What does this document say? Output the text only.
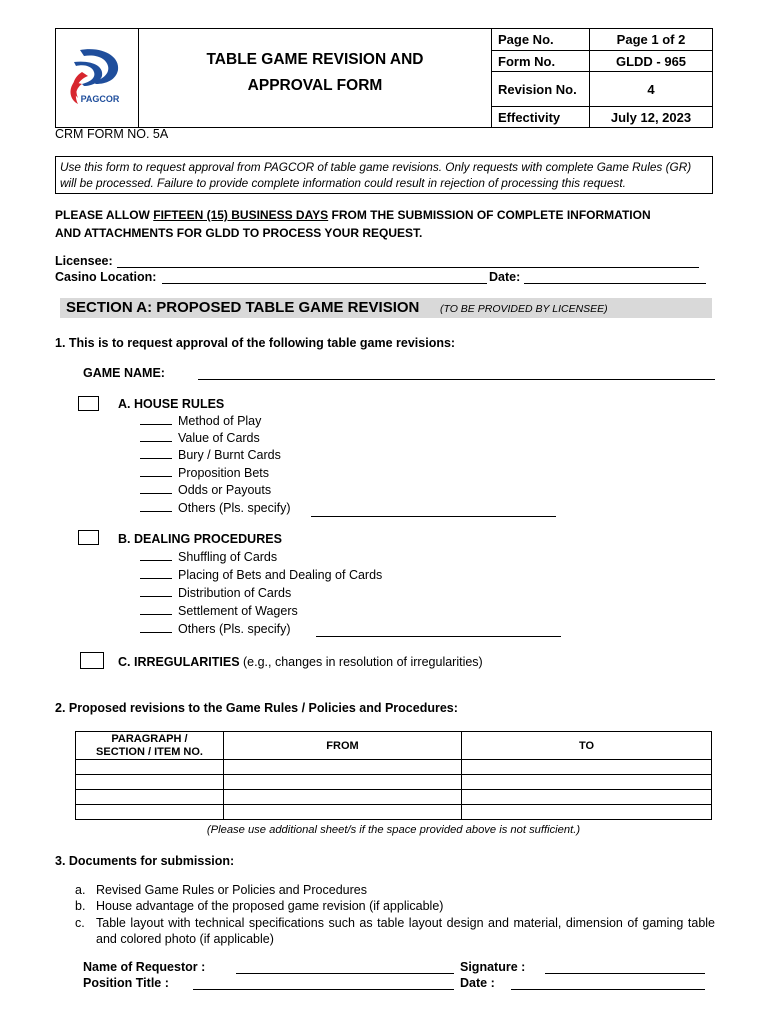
PAGCOR	TABLE GAME REVISION AND
APPROVAL FORM	Page No.	Page 1 of 2
		Form No.	GLDD - 965
		Revision No.	4
		Effectivity	July 12, 2023
CRM FORM NO. 5A
Use this form to request approval from PAGCOR of table game revisions. Only requests with complete Game Rules (GR) will be processed. Failure to provide complete information could result in rejection of processing this request.
PLEASE ALLOW FIFTEEN (15) BUSINESS DAYS FROM THE SUBMISSION OF COMPLETE INFORMATION
AND ATTACHMENTS FOR GLDD TO PROCESS YOUR REQUEST.
Licensee:
Casino Location:	Date:
SECTION A: PROPOSED TABLE GAME REVISION (TO BE PROVIDED BY LICENSEE)
1. This is to request approval of the following table game revisions:
GAME NAME:
A. HOUSE RULES
Method of Play
Value of Cards
Bury / Burnt Cards
Proposition Bets
Odds or Payouts
Others (Pls. specify)
B. DEALING PROCEDURES
Shuffling of Cards
Placing of Bets and Dealing of Cards
Distribution of Cards
Settlement of Wagers
Others (Pls. specify)
C. IRREGULARITIES (e.g., changes in resolution of irregularities)
2. Proposed revisions to the Game Rules / Policies and Procedures:
PARAGRAPH /
SECTION / ITEM NO.	FROM	TO

(Please use additional sheet/s if the space provided above is not sufficient.)
3. Documents for submission:
a. Revised Game Rules or Policies and Procedures
b. House advantage of the proposed game revision (if applicable)
c. Table layout with technical specifications such as table layout design and material, dimension of gaming table and colored photo (if applicable)
Name of Requestor :	Signature :
Position Title :	Date :
